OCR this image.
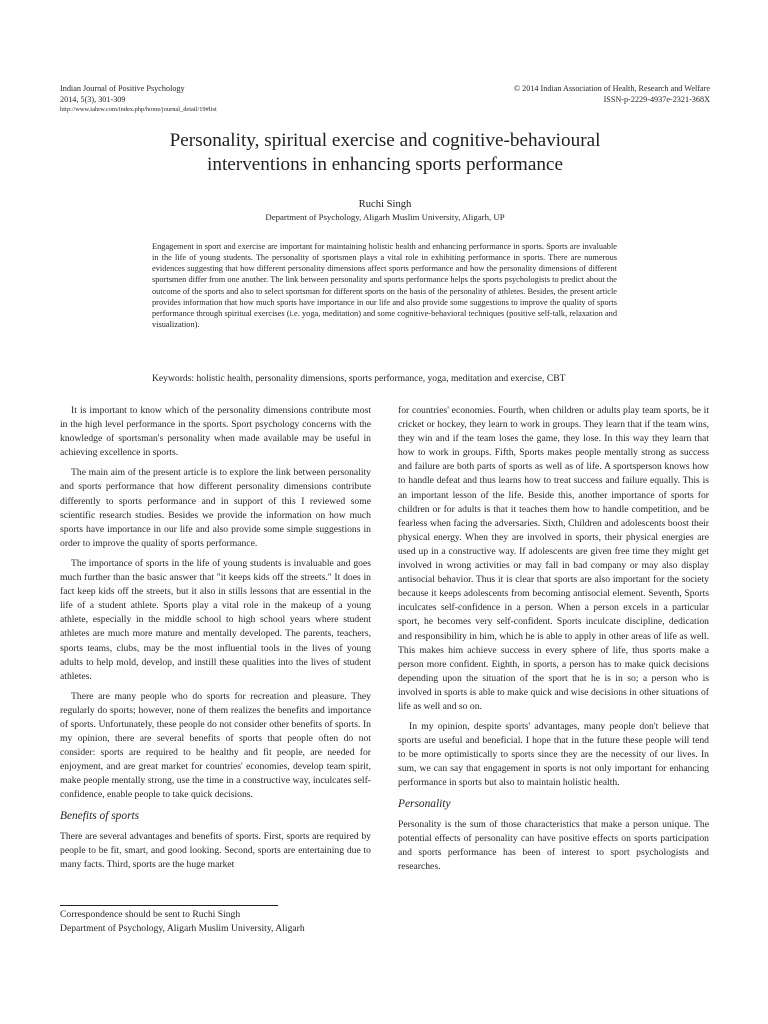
Indian Journal of Positive Psychology
2014, 5(3), 301-309
http://www.iahrw.com/index.php/home/journal_detail/19#list
© 2014 Indian Association of Health, Research and Welfare
ISSN-p-2229-4937e-2321-368X
Personality, spiritual exercise and cognitive-behavioural
interventions in enhancing sports performance
Ruchi Singh
Department of Psychology, Aligarh Muslim University, Aligarh, UP

Engagement in sport and exercise are important for maintaining holistic health and enhancing performance in sports. Sports are invaluable in the life of young students. The personality of sportsmen plays a vital role in exhibiting performance in sports. There are numerous evidences suggesting that how different personality dimensions affect sports performance and how the personality dimensions of different sportsmen differ from one another. The link between personality and sports performance helps the sports psychologists to predict about the outcome of the sports and also to select sportsman for different sports on the basis of the personality of athletes. Besides, the present article provides information that how much sports have importance in our life and also provide some suggestions to improve the quality of sports performance through spiritual exercises (i.e. yoga, meditation) and some cognitive-behavioral techniques (positive self-talk, relaxation and visualization).

Keywords: holistic health, personality dimensions, sports performance, yoga, meditation and exercise, CBT

It is important to know which of the personality dimensions contribute most in the high level performance in the sports. Sport psychology concerns with the knowledge of sportsman's personality when made available may be useful in achieving excellence in sports.

The main aim of the present article is to explore the link between personality and sports performance that how different personality dimensions contribute differently to sports performance and in support of this I reviewed some scientific research studies. Besides we provide the information on how much sports have importance in our life and also provide some simple suggestions in order to improve the quality of sports performance.

The importance of sports in the life of young students is invaluable and goes much further than the basic answer that "it keeps kids off the streets." It does in fact keep kids off the streets, but it also in stills lessons that are essential in the life of a student athlete. Sports play a vital role in the makeup of a young athlete, especially in the middle school to high school years where student athletes are much more mature and mentally developed. The parents, teachers, sports teams, clubs, may be the most influential tools in the lives of young adults to help mold, develop, and instill these qualities into the lives of student athletes.

There are many people who do sports for recreation and pleasure. They regularly do sports; however, none of them realizes the benefits and importance of sports. Unfortunately, these people do not consider other benefits of sports. In my opinion, there are several benefits of sports that people often do not consider: sports are required to be healthy and fit people, are needed for enjoyment, and are great market for countries' economies, develop team spirit, make people mentally strong, use the time in a constructive way, inculcates self-confidence, enable people to take quick decisions.

Benefits of sports

There are several advantages and benefits of sports. First, sports are required by people to be fit, smart, and good looking. Second, sports are entertaining due to many facts. Third, sports are the huge market

for countries' economies. Fourth, when children or adults play team sports, be it cricket or hockey, they learn to work in groups. They learn that if the team wins, they win and if the team loses the game, they lose. In this way they learn that how to work in groups. Fifth, Sports makes people mentally strong as success and failure are both parts of sports as well as of life. A sportsperson knows how to handle defeat and thus learns how to treat success and failure equally. This is an important lesson of the life. Beside this, another importance of sports for children or for adults is that it teaches them how to handle competition, and be fearless when facing the adversaries. Sixth, Children and adolescents boost their physical energy. When they are involved in sports, their physical energies are used up in a constructive way. If adolescents are given free time they might get involved in wrong activities or may fall in bad company or may also display antisocial behavior. Thus it is clear that sports are also important for the society because it keeps adolescents from becoming antisocial element. Seventh, Sports inculcates self-confidence in a person. When a person excels in a particular sport, he becomes very self-confident. Sports inculcate discipline, dedication and responsibility in him, which he is able to apply in other areas of life as well. This makes him achieve success in every sphere of life, thus sports make a person more confident. Eighth, in sports, a person has to make quick decisions depending upon the situation of the sport that he is in so; a person who is involved in sports is able to make quick and wise decisions in other situations of life as well and so on.

In my opinion, despite sports' advantages, many people don't believe that sports are useful and beneficial. I hope that in the future these people will tend to be more optimistically to sports since they are the necessity of our lives. In sum, we can say that engagement in sports is not only important for enhancing performance in sports but also to maintain holistic health.

Personality

Personality is the sum of those characteristics that make a person unique. The potential effects of personality can have positive effects on sports participation and sports performance has been of interest to sport psychologists and researches.

Correspondence should be sent to Ruchi Singh
Department of Psychology, Aligarh Muslim University, Aligarh
